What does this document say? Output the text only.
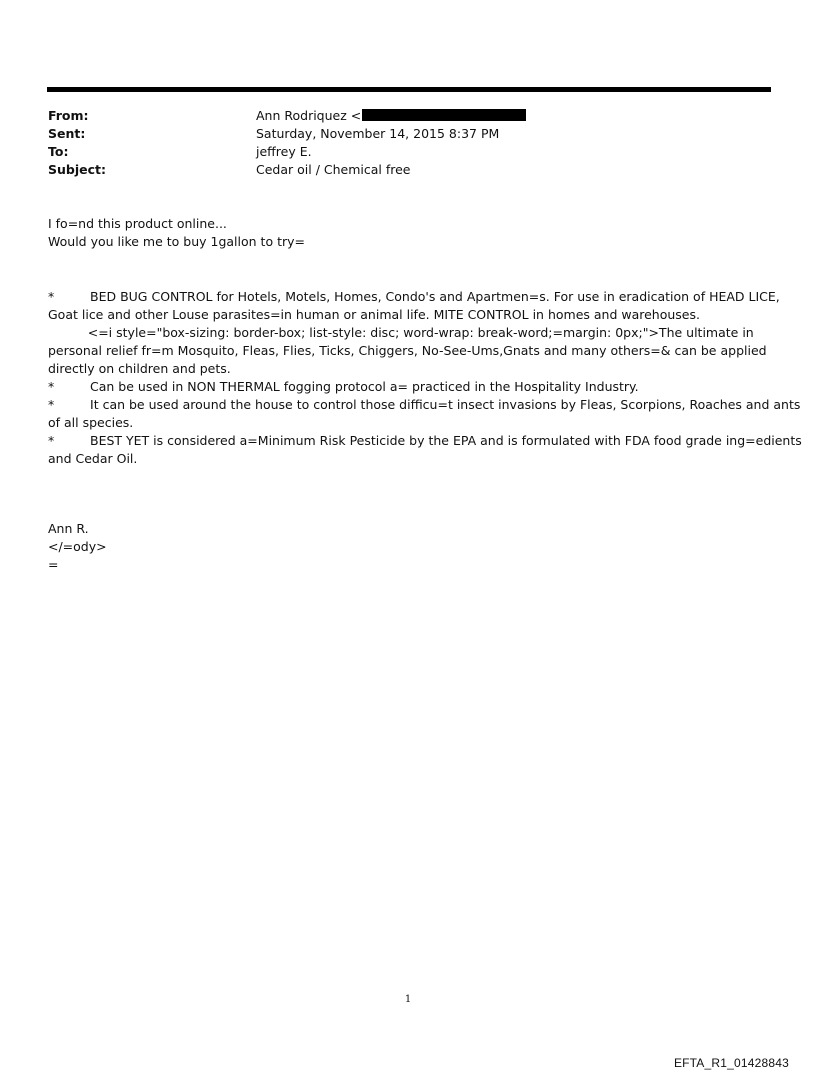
From:	Ann Rodriquez <
Sent:	Saturday, November 14, 2015 8:37 PM
To:	jeffrey E.
Subject:	Cedar oil / Chemical free
I fo=nd this product online...
Would you like me to buy 1gallon to try=
*         BED BUG CONTROL for Hotels, Motels, Homes, Condo's and Apartmen=s. For use in eradication of HEAD LICE,
Goat lice and other Louse parasites=in human or animal life. MITE CONTROL in homes and warehouses.
<=i style="box-sizing: border-box; list-style: disc; word-wrap: break-word;=margin: 0px;">The ultimate in
personal relief fr=m Mosquito, Fleas, Flies, Ticks, Chiggers, No-See-Ums,Gnats and many others=& can be applied
directly on children and pets.
*         Can be used in NON THERMAL fogging protocol a= practiced in the Hospitality Industry.
*         It can be used around the house to control those difficu=t insect invasions by Fleas, Scorpions, Roaches and ants
of all species.
*         BEST YET is considered a=Minimum Risk Pesticide by the EPA and is formulated with FDA food grade ing=edients
and Cedar Oil.
Ann R.
</=ody>
=
1
EFTA_R1_01428843
